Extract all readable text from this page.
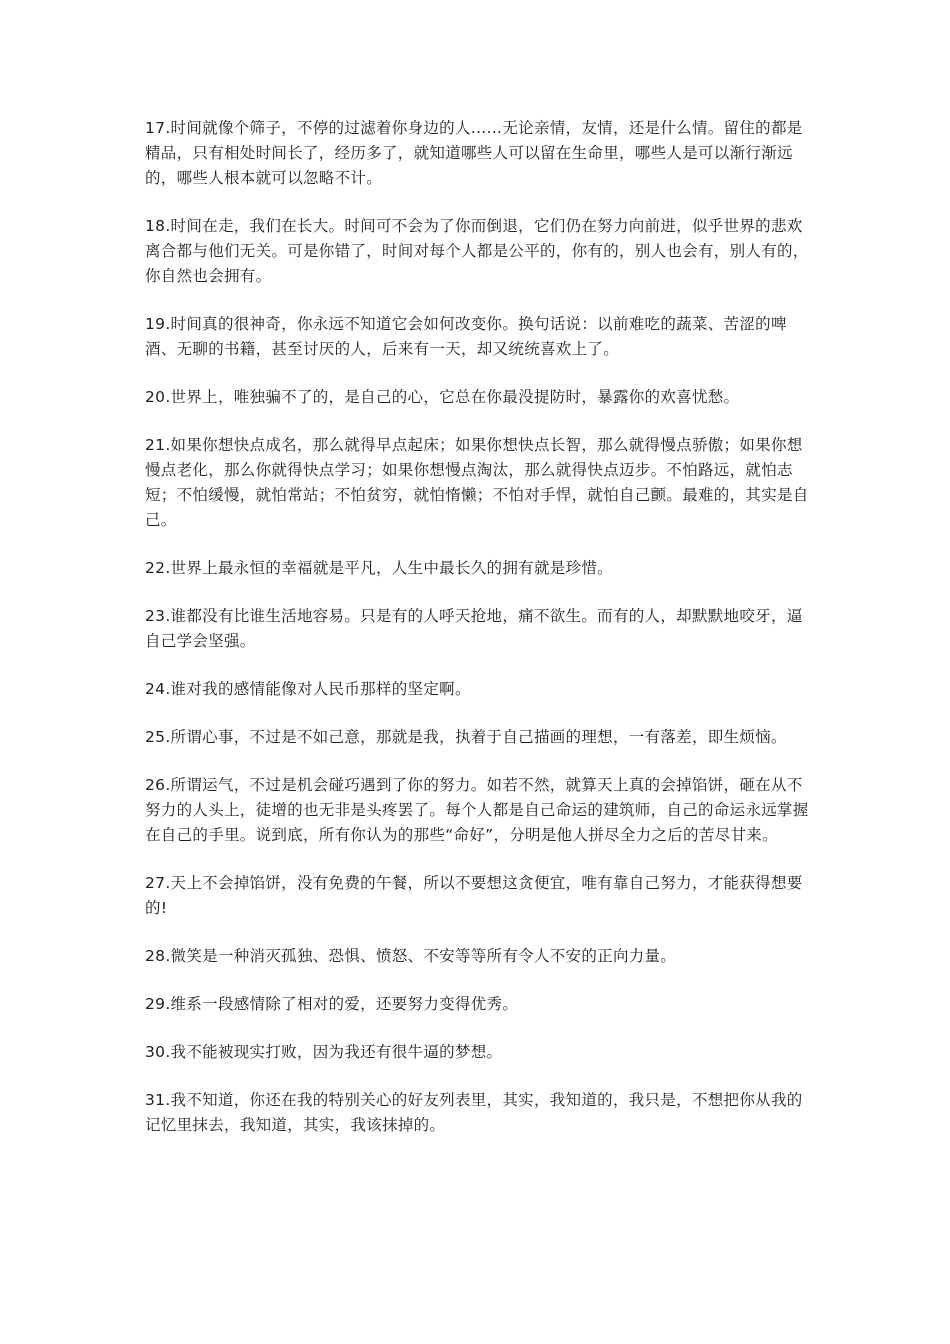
17.时间就像个筛子，不停的过滤着你身边的人……无论亲情，友情，还是什么情。留住的都是精品，只有相处时间长了，经历多了，就知道哪些人可以留在生命里，哪些人是可以渐行渐远的，哪些人根本就可以忽略不计。

18.时间在走，我们在长大。时间可不会为了你而倒退，它们仍在努力向前进，似乎世界的悲欢离合都与他们无关。可是你错了，时间对每个人都是公平的，你有的，别人也会有，别人有的，你自然也会拥有。

19.时间真的很神奇，你永远不知道它会如何改变你。换句话说：以前难吃的蔬菜、苦涩的啤酒、无聊的书籍，甚至讨厌的人，后来有一天，却又统统喜欢上了。

20.世界上，唯独骗不了的，是自己的心，它总在你最没提防时，暴露你的欢喜忧愁。

21.如果你想快点成名，那么就得早点起床；如果你想快点长智，那么就得慢点骄傲；如果你想慢点老化，那么你就得快点学习；如果你想慢点淘汰，那么就得快点迈步。不怕路远，就怕志短；不怕缓慢，就怕常站；不怕贫穷，就怕惰懒；不怕对手悍，就怕自己颤。最难的，其实是自己。

22.世界上最永恒的幸福就是平凡，人生中最长久的拥有就是珍惜。

23.谁都没有比谁生活地容易。只是有的人呼天抢地，痛不欲生。而有的人，却默默地咬牙，逼自己学会坚强。

24.谁对我的感情能像对人民币那样的坚定啊。

25.所谓心事，不过是不如己意，那就是我，执着于自己描画的理想，一有落差，即生烦恼。

26.所谓运气，不过是机会碰巧遇到了你的努力。如若不然，就算天上真的会掉馅饼，砸在从不努力的人头上，徒增的也无非是头疼罢了。每个人都是自己命运的建筑师，自己的命运永远掌握在自己的手里。说到底，所有你认为的那些“命好”，分明是他人拼尽全力之后的苦尽甘来。

27.天上不会掉馅饼，没有免费的午餐，所以不要想这贪便宜，唯有靠自己努力，才能获得想要的!

28.微笑是一种消灭孤独、恐惧、愤怒、不安等等所有令人不安的正向力量。

29.维系一段感情除了相对的爱，还要努力变得优秀。

30.我不能被现实打败，因为我还有很牛逼的梦想。

31.我不知道，你还在我的特别关心的好友列表里，其实，我知道的，我只是，不想把你从我的记忆里抹去，我知道，其实，我该抹掉的。
